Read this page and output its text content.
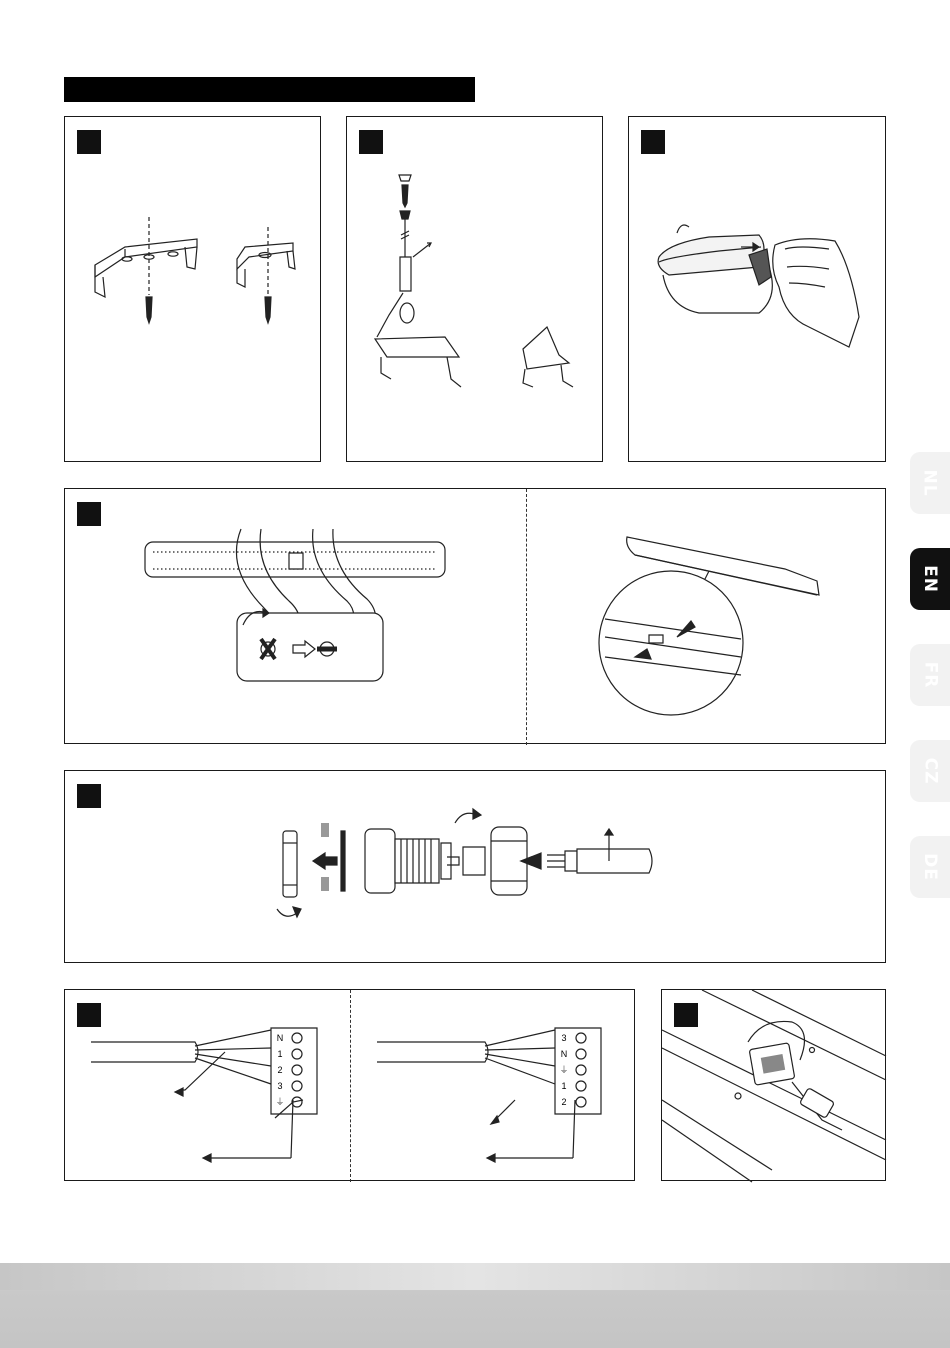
N
1
2
3
⏚
3
N
⏚
1
2
NL
EN
FR
CZ
DE
